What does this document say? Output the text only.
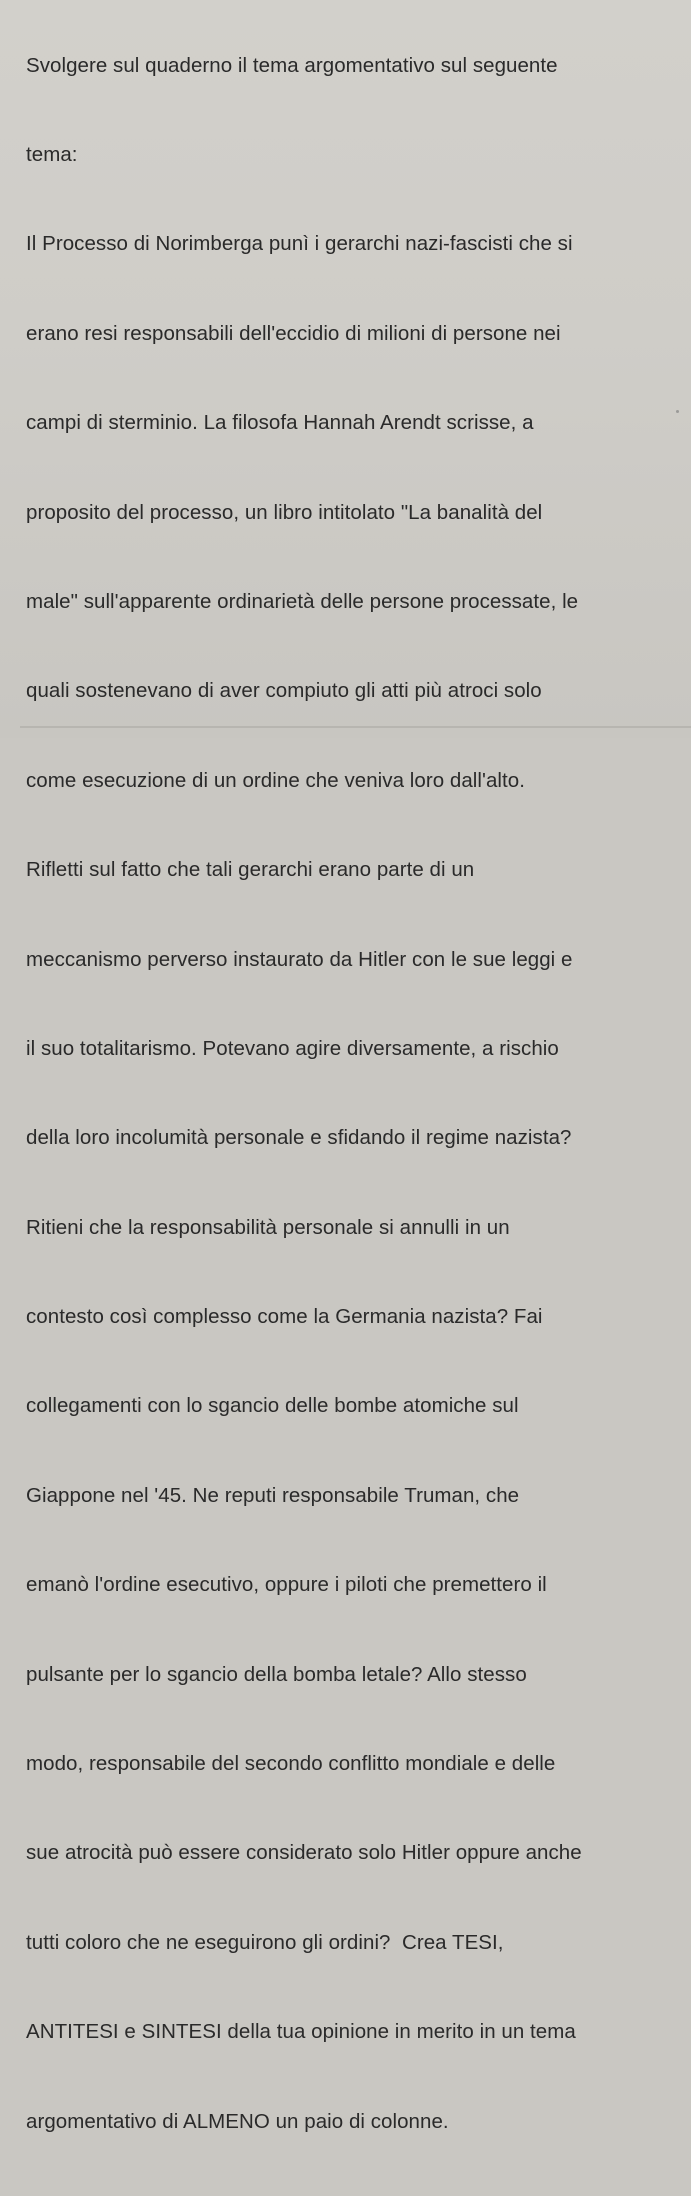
Svolgere sul quaderno il tema argomentativo sul seguente

tema:

Il Processo di Norimberga punì i gerarchi nazi-fascisti che si

erano resi responsabili dell'eccidio di milioni di persone nei

campi di sterminio. La filosofa Hannah Arendt scrisse, a

proposito del processo, un libro intitolato "La banalità del

male" sull'apparente ordinarietà delle persone processate, le

quali sostenevano di aver compiuto gli atti più atroci solo

come esecuzione di un ordine che veniva loro dall'alto.

Rifletti sul fatto che tali gerarchi erano parte di un

meccanismo perverso instaurato da Hitler con le sue leggi e

il suo totalitarismo. Potevano agire diversamente, a rischio

della loro incolumità personale e sfidando il regime nazista?

Ritieni che la responsabilità personale si annulli in un

contesto così complesso come la Germania nazista? Fai

collegamenti con lo sgancio delle bombe atomiche sul

Giappone nel '45. Ne reputi responsabile Truman, che

emanò l'ordine esecutivo, oppure i piloti che premettero il

pulsante per lo sgancio della bomba letale? Allo stesso

modo, responsabile del secondo conflitto mondiale e delle

sue atrocità può essere considerato solo Hitler oppure anche

tutti coloro che ne eseguirono gli ordini?  Crea TESI,

ANTITESI e SINTESI della tua opinione in merito in un tema

argomentativo di ALMENO un paio di colonne.
